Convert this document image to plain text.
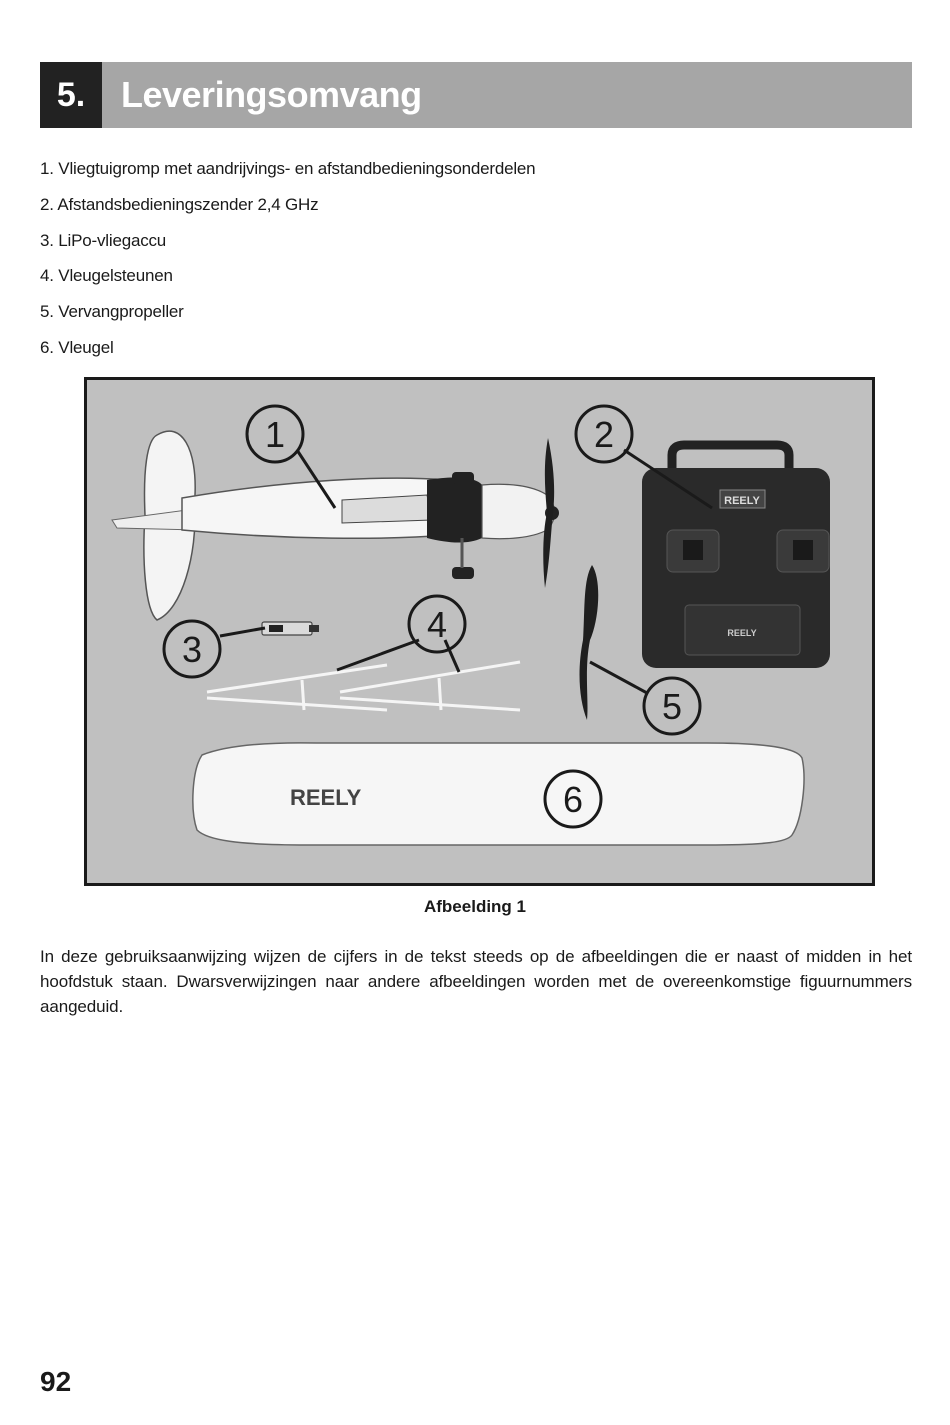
5. Leveringsomvang
1. Vliegtuigromp met aandrijvings- en afstandbedieningsonderdelen
2. Afstandsbedieningszender 2,4 GHz
3. LiPo-vliegaccu
4. Vleugelsteunen
5. Vervangpropeller
6. Vleugel
REELY
REELY
REELY
1	2
3
4
5
6
Afbeelding 1

In deze gebruiksaanwijzing wijzen de cijfers in de tekst steeds op de afbeeldingen die er naast of midden in het hoofdstuk staan. Dwarsverwijzingen naar andere afbeeldingen worden met de overeenkomstige figuurnummers aangeduid.

92
